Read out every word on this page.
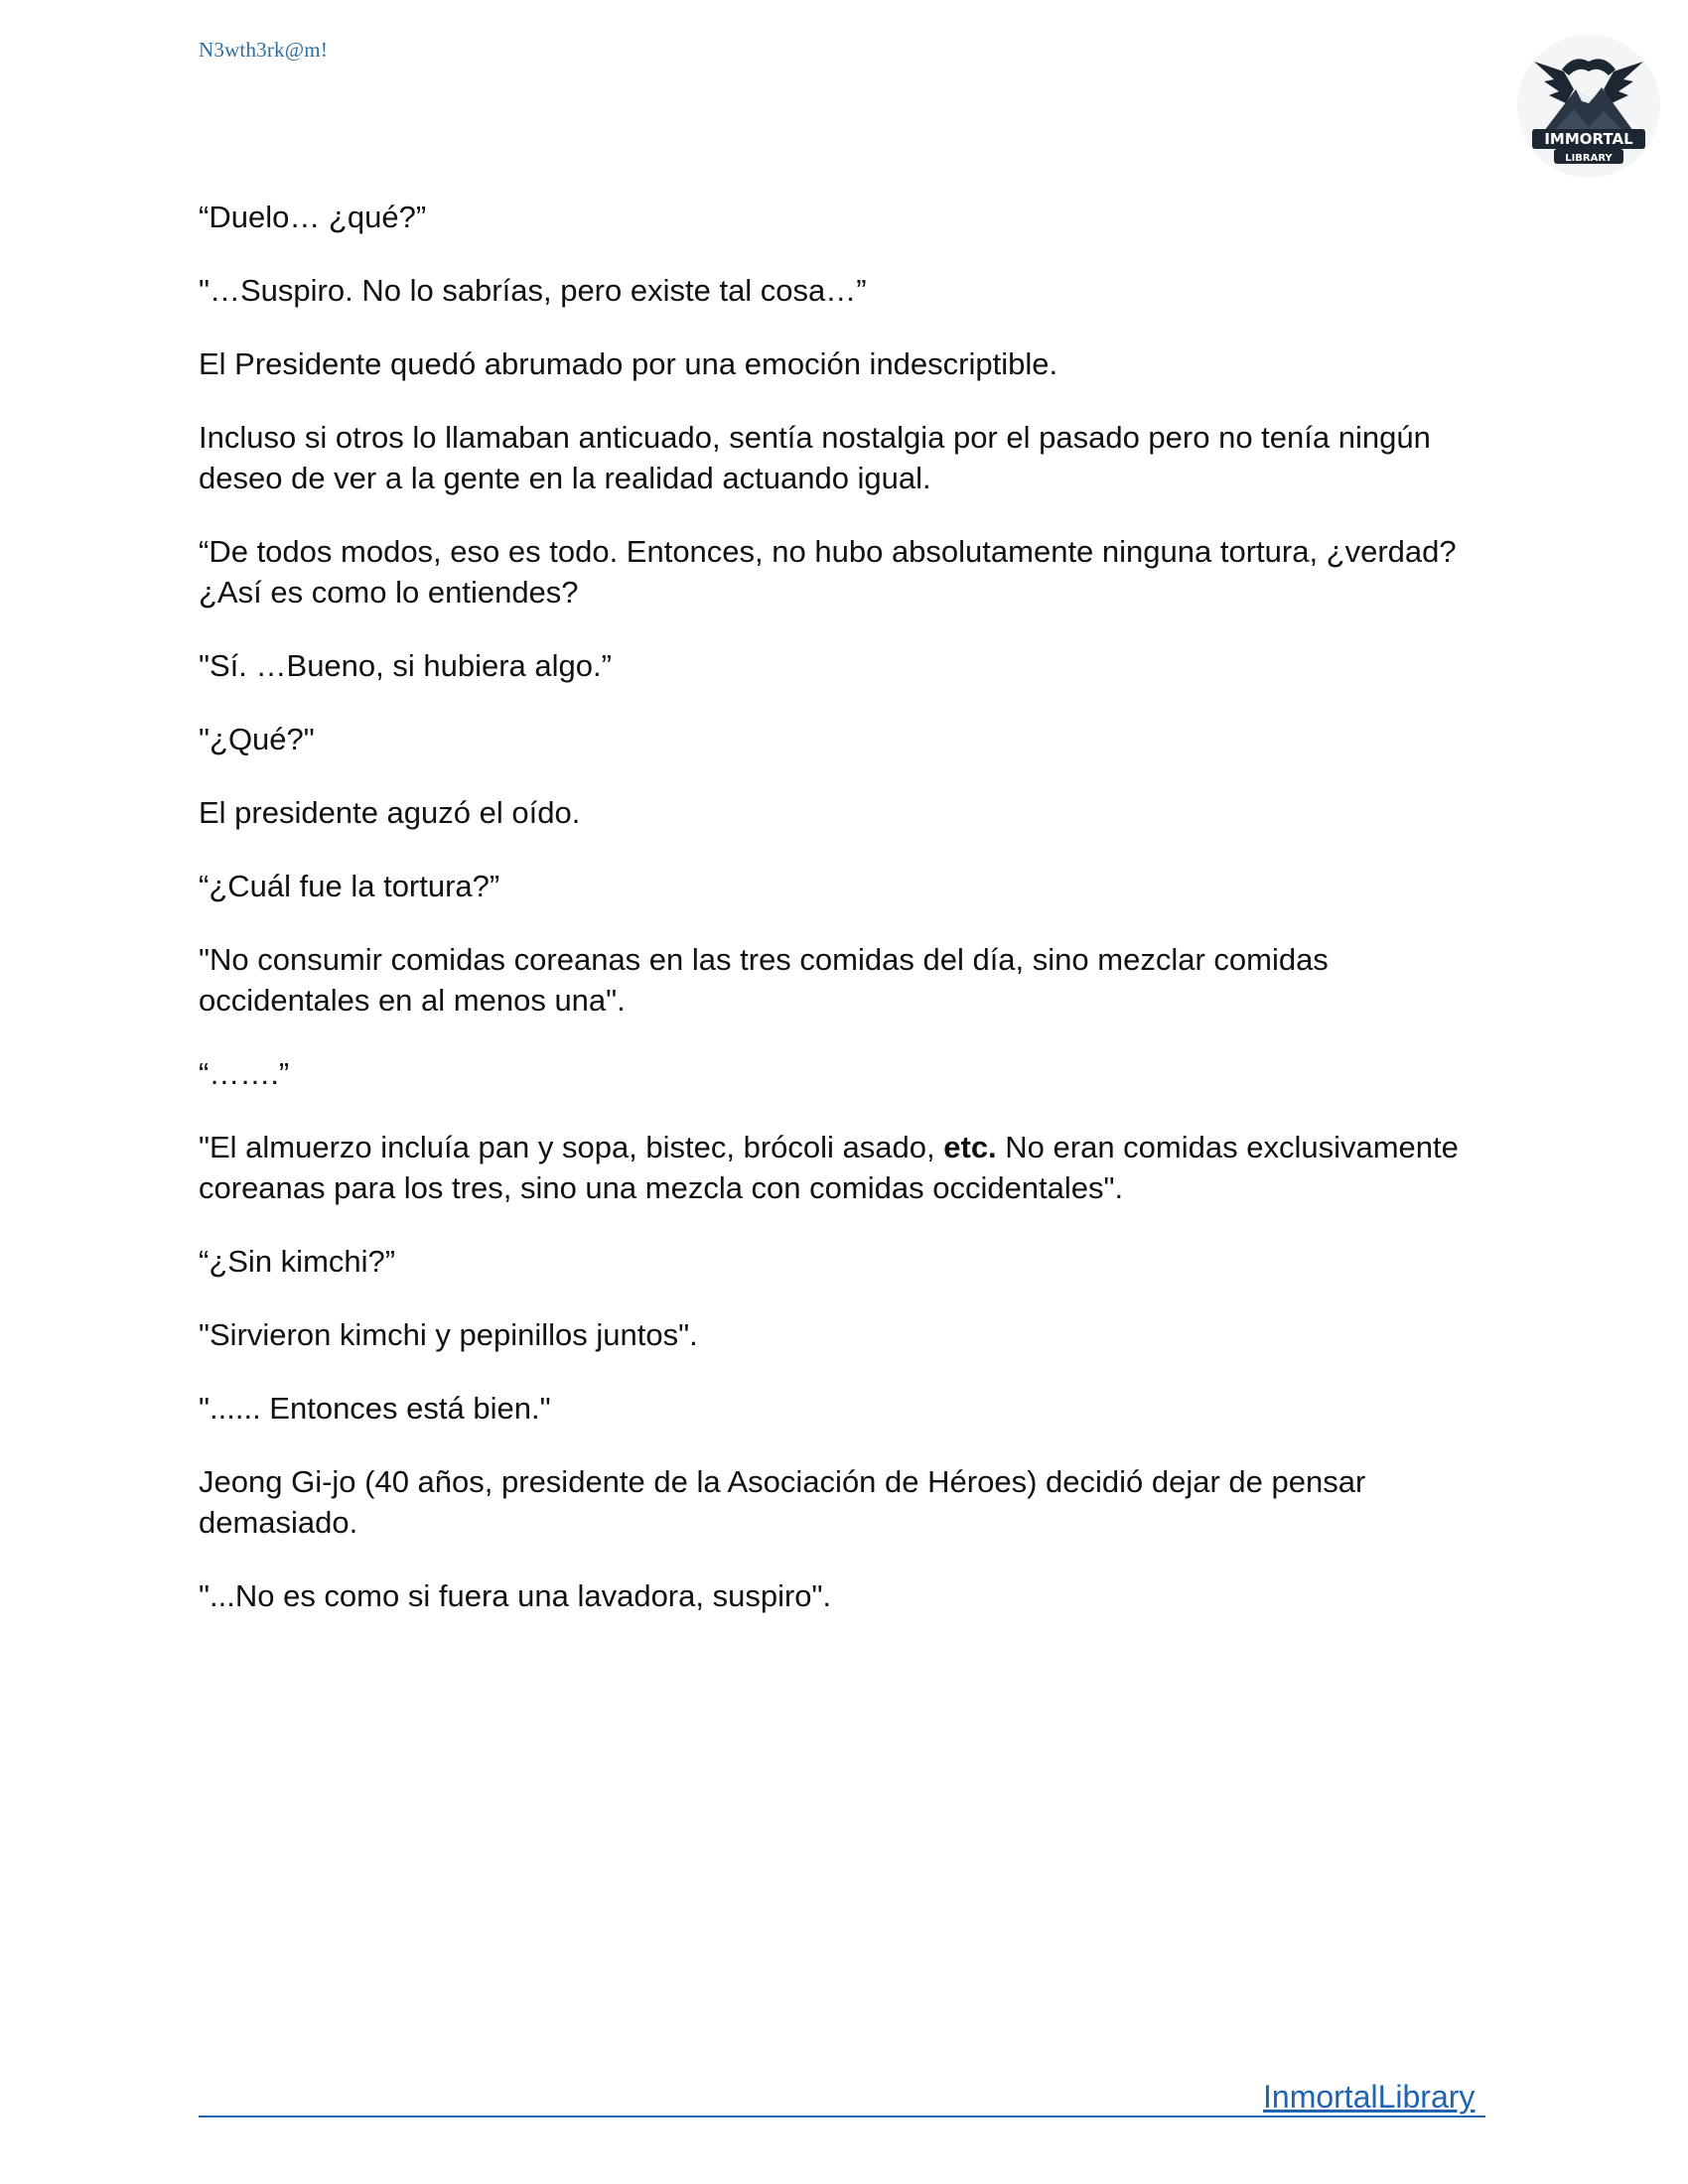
N3wth3rk@m!
IMMORTAL
LIBRARY

“Duelo… ¿qué?”

"…Suspiro. No lo sabrías, pero existe tal cosa…”

El Presidente quedó abrumado por una emoción indescriptible.

Incluso si otros lo llamaban anticuado, sentía nostalgia por el pasado pero no tenía ningún deseo de ver a la gente en la realidad actuando igual.

“De todos modos, eso es todo. Entonces, no hubo absolutamente ninguna tortura, ¿verdad? ¿Así es como lo entiendes?

"Sí. …Bueno, si hubiera algo.”

"¿Qué?"

El presidente aguzó el oído.

“¿Cuál fue la tortura?”

"No consumir comidas coreanas en las tres comidas del día, sino mezclar comidas occidentales en al menos una".

“…….”

"El almuerzo incluía pan y sopa, bistec, brócoli asado, etc. No eran comidas exclusivamente coreanas para los tres, sino una mezcla con comidas occidentales".

“¿Sin kimchi?”

"Sirvieron kimchi y pepinillos juntos".

"...... Entonces está bien."

Jeong Gi-jo (40 años, presidente de la Asociación de Héroes) decidió dejar de pensar demasiado.

"...No es como si fuera una lavadora, suspiro".

InmortalLibrary
